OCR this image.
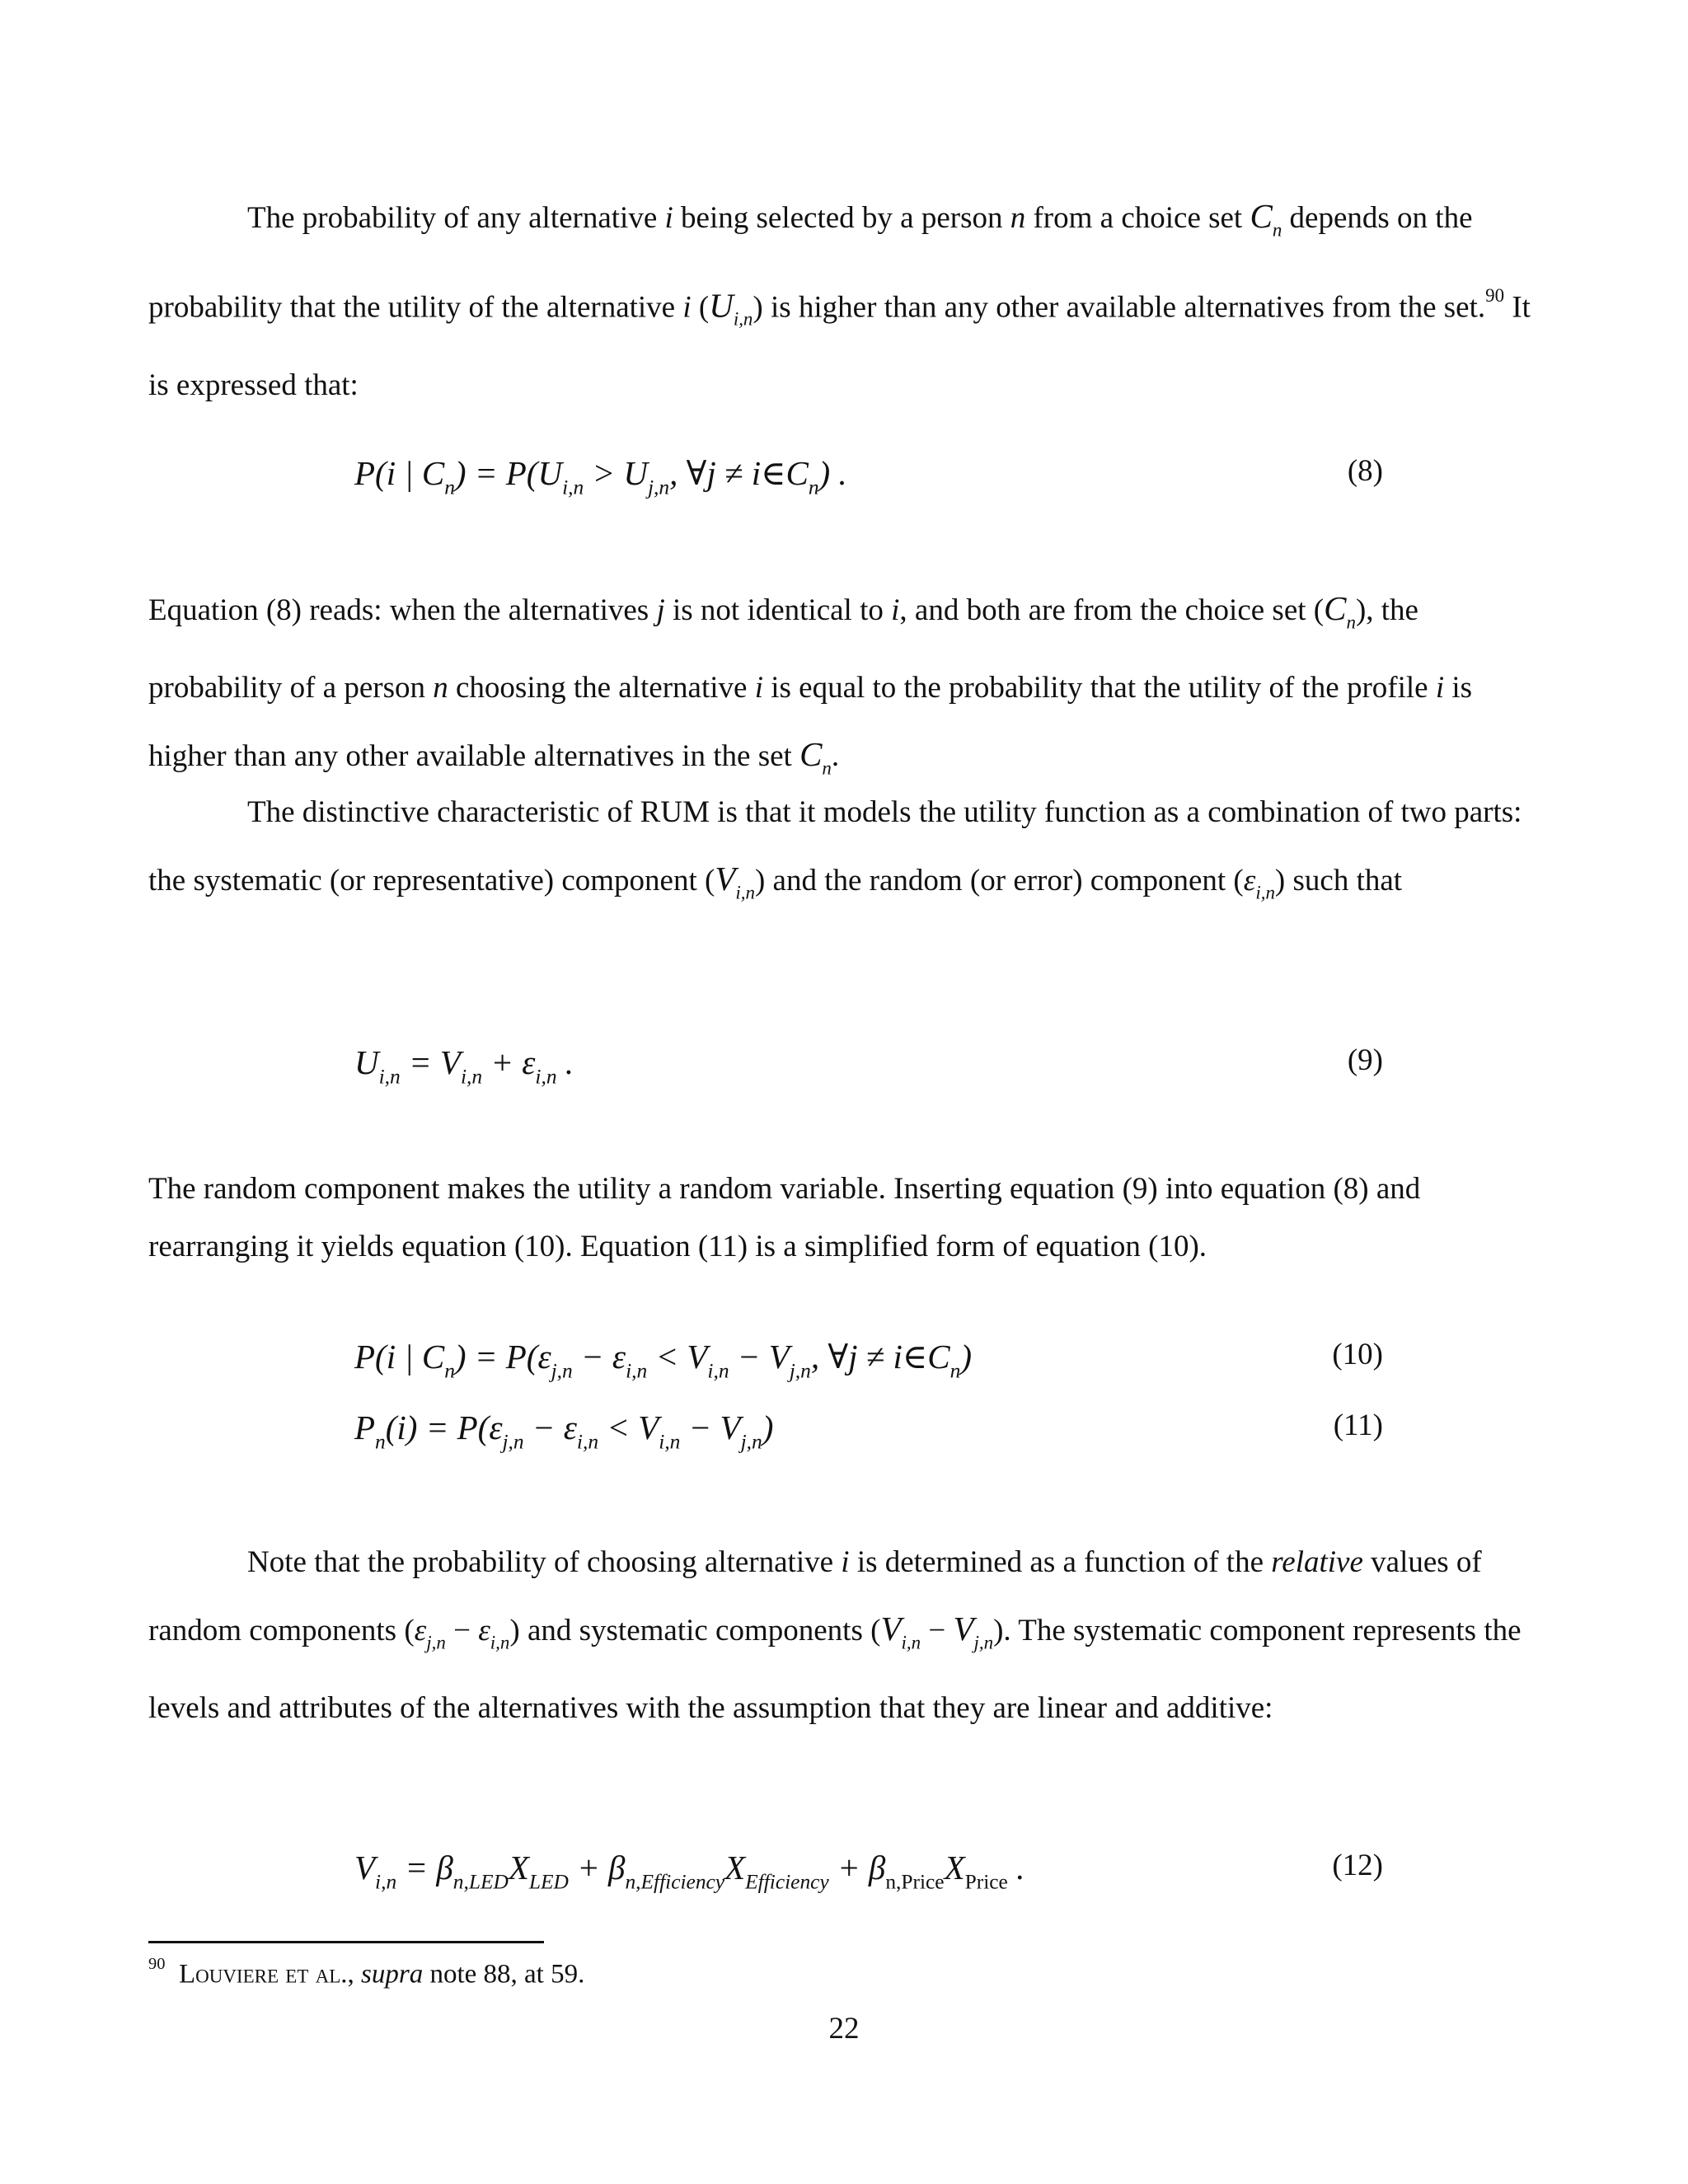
The probability of any alternative i being selected by a person n from a choice set $C_n$ depends on the probability that the utility of the alternative i $(U_{i,n})$ is higher than any other available alternatives from the set.$^{90}$ It is expressed that:

P(i | $C_n) = P(U_{i,n} > U_{j,n}$, ∀j ≠ $i\in C_n$) .	(8)

Equation (8) reads: when the alternatives j is not identical to i, and both are from the choice set $(C_n)$, the probability of a person n choosing the alternative i is equal to the probability that the utility of the profile i is higher than any other available alternatives in the set $C_n$.

The distinctive characteristic of RUM is that it models the utility function as a combination of two parts: the systematic (or representative) component $(V_{i,n})$ and the random (or error) component $(\varepsilon_{i,n})$ such that

$U_{i,n} = V_{i,n} + \varepsilon_{i,n}$ .	(9)

The random component makes the utility a random variable. Inserting equation (9) into equation (8) and rearranging it yields equation (10). Equation (11) is a simplified form of equation (10).

P(i | $C_n) = P(\varepsilon_{j,n} - \varepsilon_{i,n} < V_{i,n} - V_{j,n}$, ∀j ≠ $i\in C_n$)	(10)
$P_n(i) = P(\varepsilon_{j,n} - \varepsilon_{i,n} < V_{i,n} - V_{j,n})$	(11)

Note that the probability of choosing alternative i is determined as a function of the relative values of random components $(\varepsilon_{j,n} - \varepsilon_{i,n})$ and systematic components $(V_{i,n} - V_{j,n})$. The systematic component represents the levels and attributes of the alternatives with the assumption that they are linear and additive:

$V_{i,n} = \beta_{n,LED}X_{LED} + \beta_{n,Efficiency}X_{Efficiency} + \beta_{n,Price}X_{Price}$ .	(12)
$^{90}$ Louviere et al., supra note 88, at 59.
22
